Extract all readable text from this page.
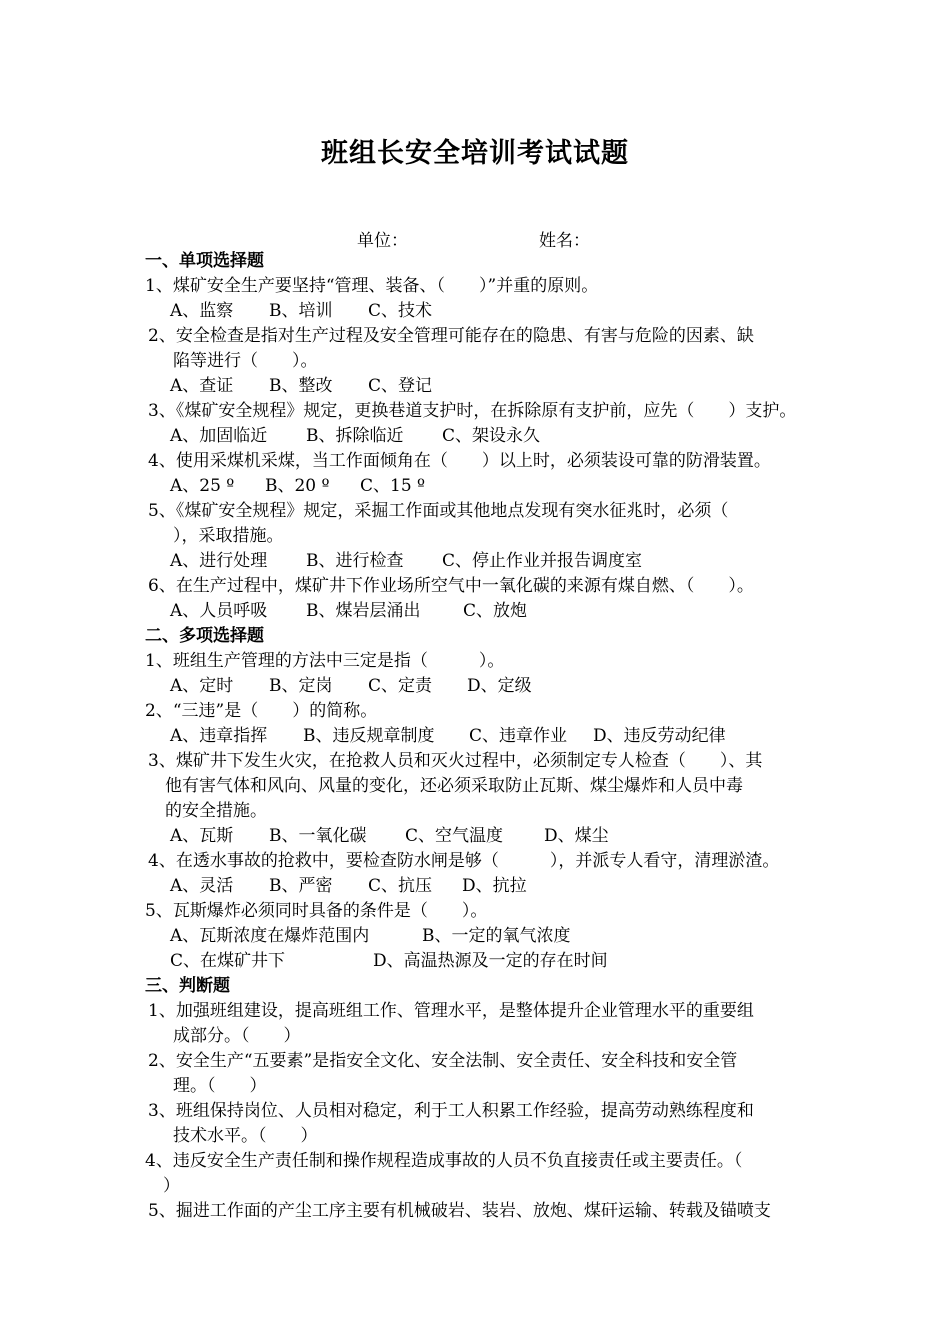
班组长安全培训考试试题
单位：	姓名：
一、单项选择题
1、煤矿安全生产要坚持“管理、装备、（　　）”并重的原则。
A、监察 B、培训 C、技术
2、安全检查是指对生产过程及安全管理可能存在的隐患、有害与危险的因素、缺
陷等进行（　　）。
A、查证 B、整改 C、登记
3、《煤矿安全规程》规定，更换巷道支护时，在拆除原有支护前，应先（　　）支护。
A、加固临近 B、拆除临近 C、架设永久
4、使用采煤机采煤，当工作面倾角在（　　）以上时，必须装设可靠的防滑装置。
A、25 º B、20 º C、15 º
5、《煤矿安全规程》规定，采掘工作面或其他地点发现有突水征兆时，必须（
），采取措施。
A、进行处理 B、进行检查 C、停止作业并报告调度室
6、在生产过程中，煤矿井下作业场所空气中一氧化碳的来源有煤自燃、（　　）。
A、人员呼吸 B、煤岩层涌出	C、放炮
二、多项选择题
1、班组生产管理的方法中三定是指（　　　）。
A、定时 B、定岗 C、定责 D、定级
2、“三违”是（　　）的简称。
A、违章指挥 B、违反规章制度 C、违章作业 D、违反劳动纪律
3、煤矿井下发生火灾，在抢救人员和灭火过程中，必须制定专人检查（　　）、其
他有害气体和风向、风量的变化，还必须采取防止瓦斯、煤尘爆炸和人员中毒
的安全措施。
A、瓦斯 B、一氧化碳 C、空气温度 D、煤尘
4、在透水事故的抢救中，要检查防水闸是够（　　　），并派专人看守，清理淤渣。
A、灵活 B、严密 C、抗压 D、抗拉
5、瓦斯爆炸必须同时具备的条件是（　　）。
A、瓦斯浓度在爆炸范围内	B、一定的氧气浓度
C、在煤矿井下	D、高温热源及一定的存在时间
三、判断题
1、加强班组建设，提高班组工作、管理水平，是整体提升企业管理水平的重要组
成部分。（　　）
2、安全生产“五要素”是指安全文化、安全法制、安全责任、安全科技和安全管
理。（　　）
3、班组保持岗位、人员相对稳定，利于工人积累工作经验，提高劳动熟练程度和
技术水平。（　　）
4、违反安全生产责任制和操作规程造成事故的人员不负直接责任或主要责任。（
）
5、掘进工作面的产尘工序主要有机械破岩、装岩、放炮、煤矸运输、转载及锚喷支
